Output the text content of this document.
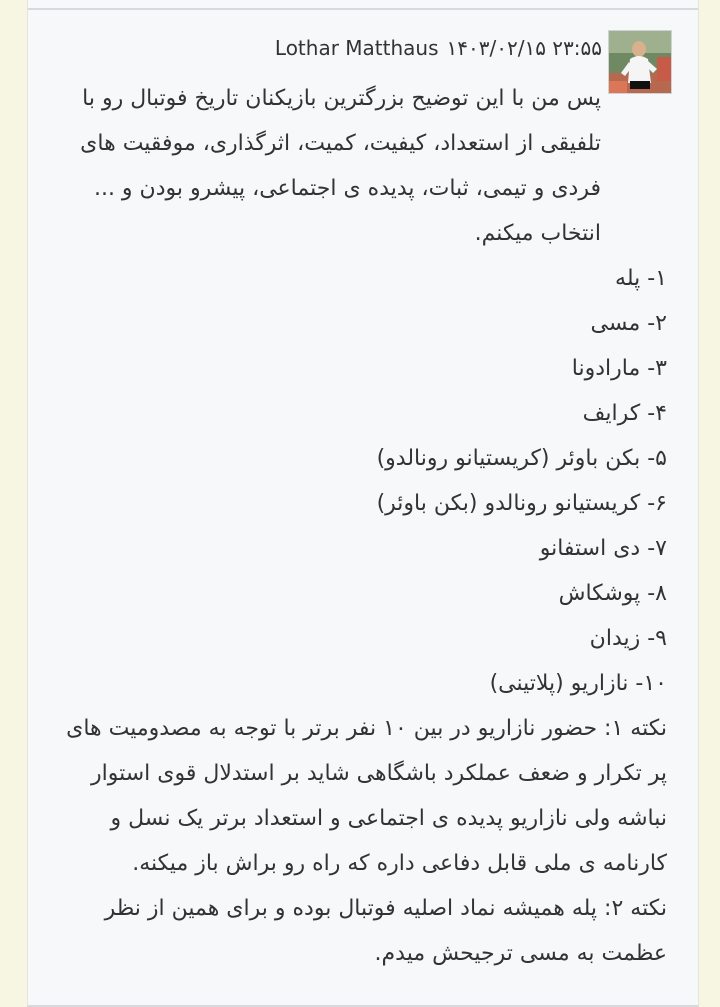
Lothar Matthaus ۱۴۰۳/۰۲/۱۵ ۲۳:۵۵

پس من با این توضیح بزرگترین بازیکنان تاریخ فوتبال رو با تلفیقی از استعداد، کیفیت، کمیت، اثرگذاری، موفقیت های فردی و تیمی، ثبات، پدیده ی اجتماعی، پیشرو بودن و ... انتخاب میکنم.

۱- پله
۲- مسی
۳- مارادونا
۴- کرایف
۵- بکن باوئر (کریستیانو رونالدو)
۶- کریستیانو رونالدو (بکن باوئر)
۷- دی استفانو
۸- پوشکاش
۹- زیدان
۱۰- نازاریو (پلاتینی)

نکته ۱: حضور نازاریو در بین ۱۰ نفر برتر با توجه به مصدومیت های پر تکرار و ضعف عملکرد باشگاهی شاید بر استدلال قوی استوار نباشه ولی نازاریو پدیده ی اجتماعی و استعداد برتر یک نسل و کارنامه ی ملی قابل دفاعی داره که راه رو براش باز میکنه.

نکته ۲: پله همیشه نماد اصلیه فوتبال بوده و برای همین از نظر عظمت به مسی ترجیحش میدم.
